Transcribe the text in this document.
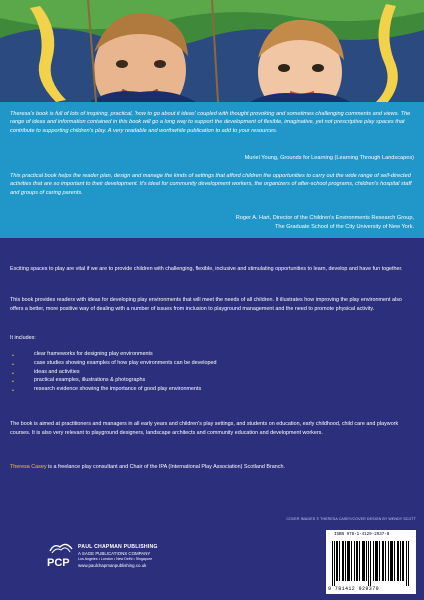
Theresa's book is full of lots of inspiring, practical, 'how to go about it ideas' coupled with thought provoking and sometimes challenging comments and views. The range of ideas and information contained in this book will go a long way to support the development of flexible, imaginative, yet not prescriptive play spaces that contribute to supporting children's play. A very readable and worthwhile publication to add to your resources.

Muriel Young, Grounds for Learning (Learning Through Landscapes)

This practical book helps the reader plan, design and manage the kinds of settings that afford children the opportunities to carry out the wide range of self-directed activities that are so important to their development. It's ideal for community development workers, the organizers of after-school programs, children's hospital staff and groups of caring parents.

Roger A. Hart, Director of the Children's Environments Research Group,

The Graduate School of the City University of New York.

Exciting spaces to play are vital if we are to provide children with challenging, flexible, inclusive and stimulating opportunities to learn, develop and have fun together.

This book provides readers with ideas for developing play environments that will meet the needs of all children. It illustrates how improving the play environment also offers a better, more positive way of dealing with a number of issues from inclusion to playground management and the need to promote physical activity.

It includes:

•	clear frameworks for designing play environments
•	case studies showing examples of how play environments can be developed
•	ideas and activities
•	practical examples, illustrations & photographs
•	research evidence showing the importance of good play environments

The book is aimed at practitioners and managers in all early years and children's play settings, and students on education, early childhood, child care and playwork courses. It is also very relevant to playground designers, landscape architects and community education and development workers.

Theresa Casey is a freelance play consultant and Chair of the IPA (International Play Association) Scotland Branch.

COVER IMAGES © THERESA CASEY/COVER DESIGN BY WENDY SCOTT
PCP
PAUL CHAPMAN PUBLISHING
A SAGE PUBLICATIONS COMPANY
Los Angeles • London • New Delhi • Singapore
www.paulchapmanpublishing.co.uk
ISBN 978-1-4129-2937-0
9 781412 929370
